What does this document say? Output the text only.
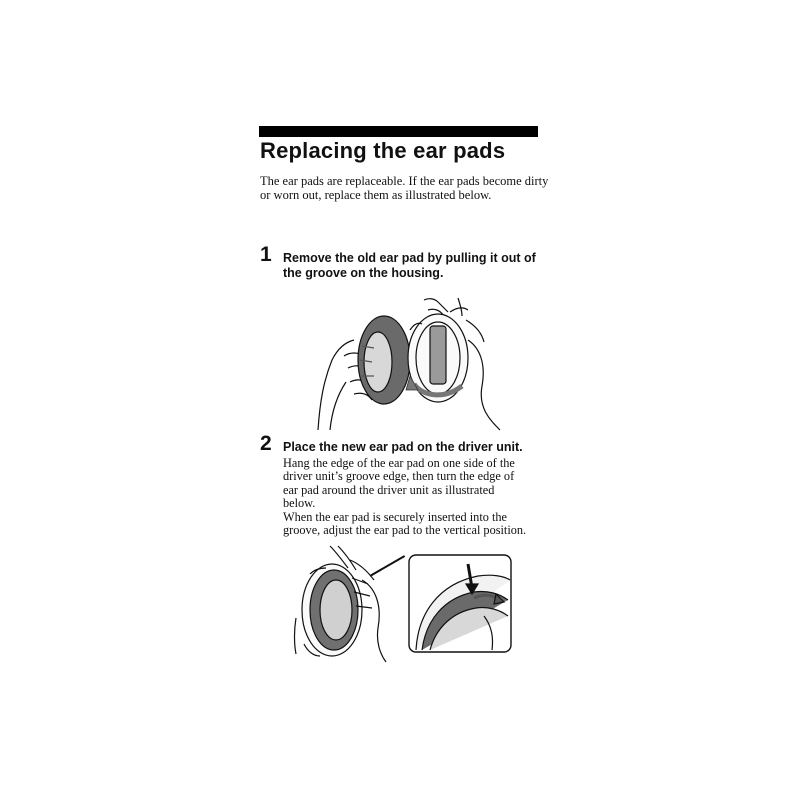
Replacing the ear pads

The ear pads are replaceable. If the ear pads become dirty or worn out, replace them as illustrated below.

1 Remove the old ear pad by pulling it out of

the groove on the housing.

2 Place the new ear pad on the driver unit.

Hang the edge of the ear pad on one side of the

driver unit’s groove edge, then turn the edge of

ear pad around the driver unit as illustrated

below.

When the ear pad is securely inserted into the

groove, adjust the ear pad to the vertical position.
